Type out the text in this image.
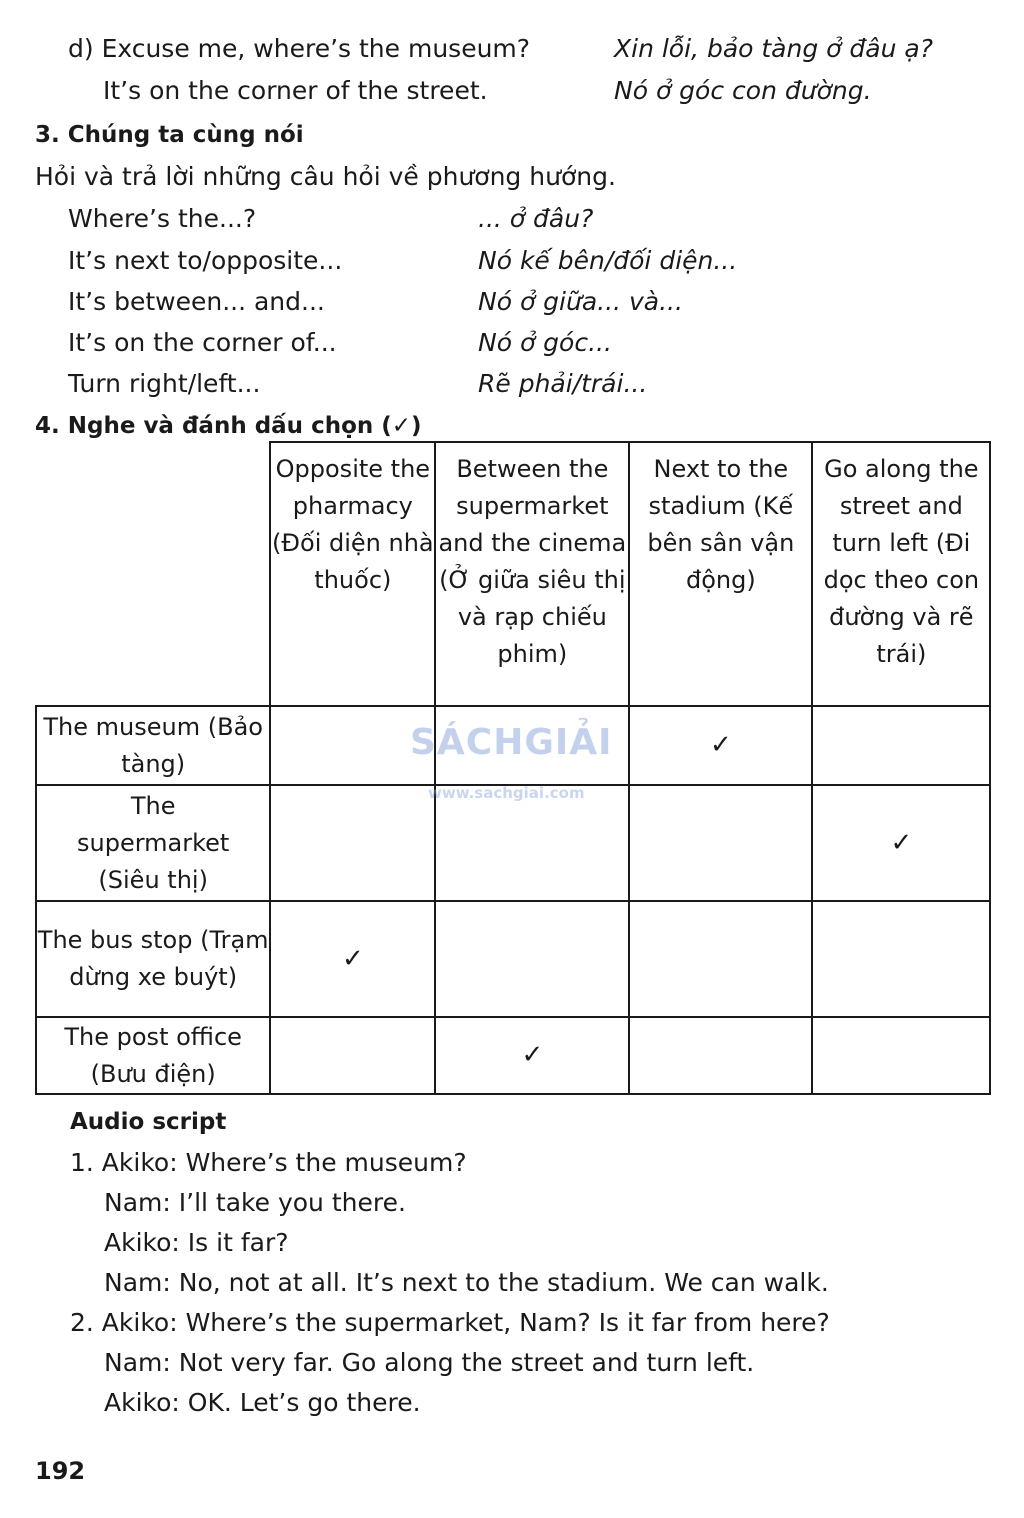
d) Excuse me, where’s the museum?	Xin lỗi, bảo tàng ở đâu ạ?
It’s on the corner of the street.	Nó ở góc con đường.
3. Chúng ta cùng nói
Hỏi và trả lời những câu hỏi về phương hướng.
Where’s the...?	... ở đâu?
It’s next to/opposite...	Nó kế bên/đối diện...
It’s between... and...	Nó ở giữa... và...
It’s on the corner of...	Nó ở góc...
Turn right/left...	Rẽ phải/trái...
4. Nghe và đánh dấu chọn (✓)
	Opposite the pharmacy (Đối diện nhà thuốc)	Between the supermarket and the cinema (Ở giữa siêu thị và rạp chiếu phim)	Next to the stadium (Kế bên sân vận động)	Go along the street and turn left (Đi dọc theo con đường và rẽ trái)
The museum (Bảo tàng)			✓	
The supermarket (Siêu thị)				✓
The bus stop (Trạm dừng xe buýt)	✓			
The post office (Bưu điện)		✓		
SÁCHGIẢI
www.sachgiai.com
Audio script
1. Akiko: Where’s the museum?
Nam: I’ll take you there.
Akiko: Is it far?
Nam: No, not at all. It’s next to the stadium. We can walk.
2. Akiko: Where’s the supermarket, Nam? Is it far from here?
Nam: Not very far. Go along the street and turn left.
Akiko: OK. Let’s go there.
192
